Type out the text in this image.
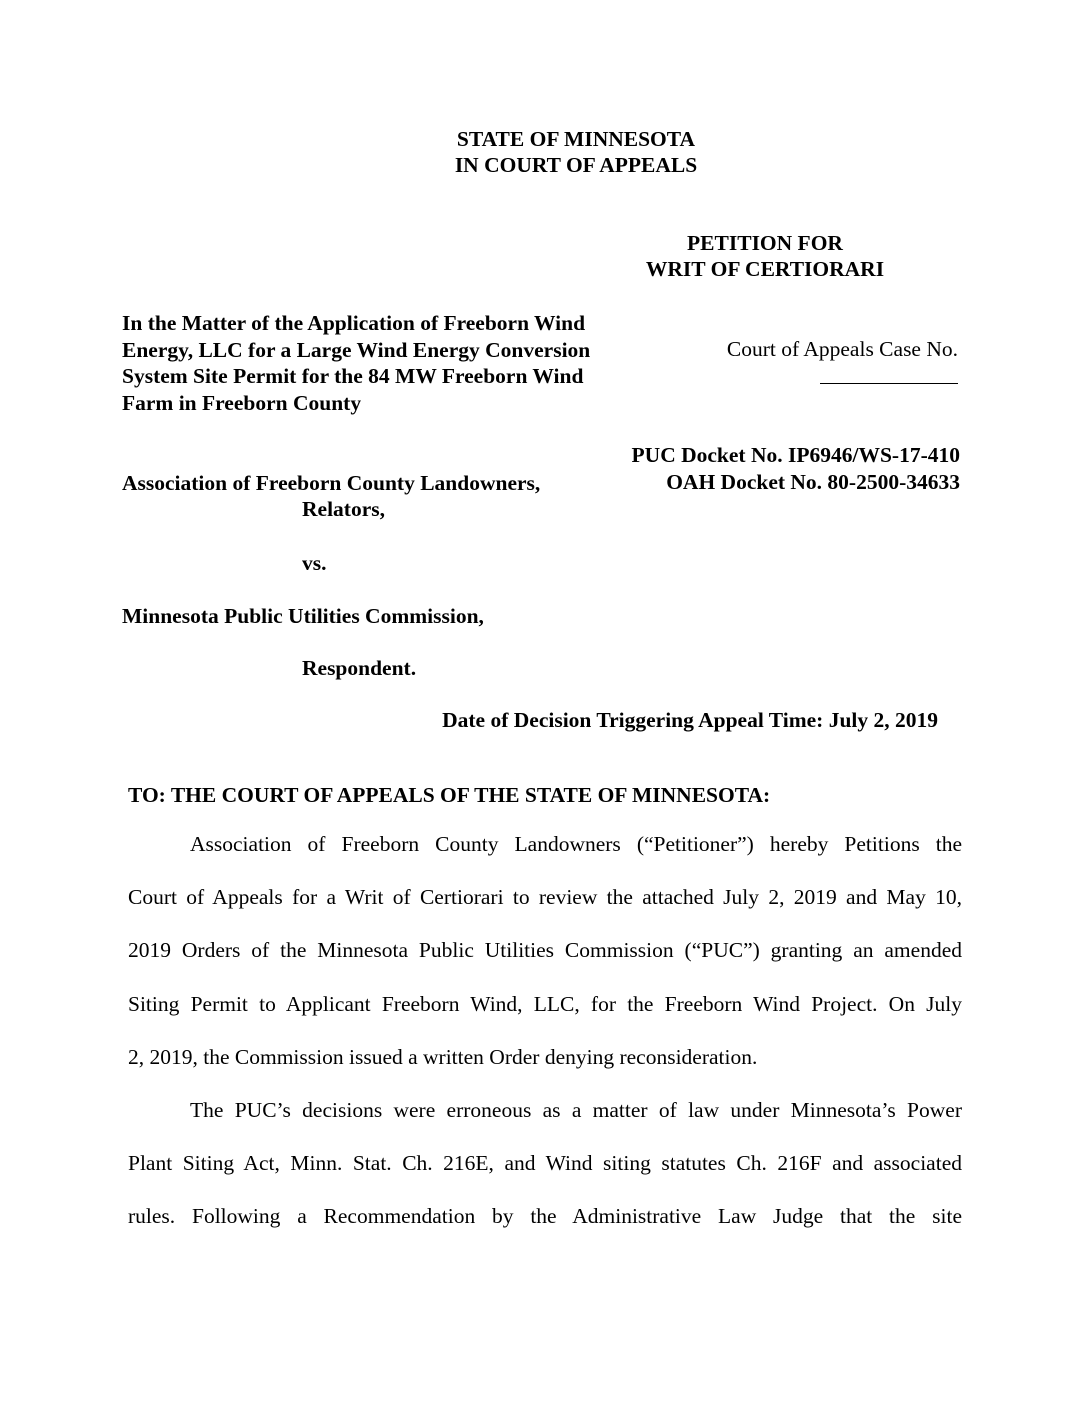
STATE OF MINNESOTA
IN COURT OF APPEALS
PETITION FOR
WRIT OF CERTIORARI
In the Matter of the Application of Freeborn Wind Energy, LLC for a Large Wind Energy Conversion System Site Permit for the 84 MW Freeborn Wind Farm in Freeborn County
Court of Appeals Case No.
PUC Docket No. IP6946/WS-17-410
OAH Docket No. 80-2500-34633
Association of Freeborn County Landowners,
Relators,
vs.
Minnesota Public Utilities Commission,
Respondent.
Date of Decision Triggering Appeal Time: July 2, 2019
TO: THE COURT OF APPEALS OF THE STATE OF MINNESOTA:
Association of Freeborn County Landowners (“Petitioner”) hereby Petitions the
Court of Appeals for a Writ of Certiorari to review the attached July 2, 2019 and May 10,
2019 Orders of the Minnesota Public Utilities Commission (“PUC”) granting an amended
Siting Permit to Applicant Freeborn Wind, LLC, for the Freeborn Wind Project. On July
2, 2019, the Commission issued a written Order denying reconsideration.
The PUC’s decisions were erroneous as a matter of law under Minnesota’s Power
Plant Siting Act, Minn. Stat. Ch. 216E, and Wind siting statutes Ch. 216F and associated
rules. Following a Recommendation by the Administrative Law Judge that the site
